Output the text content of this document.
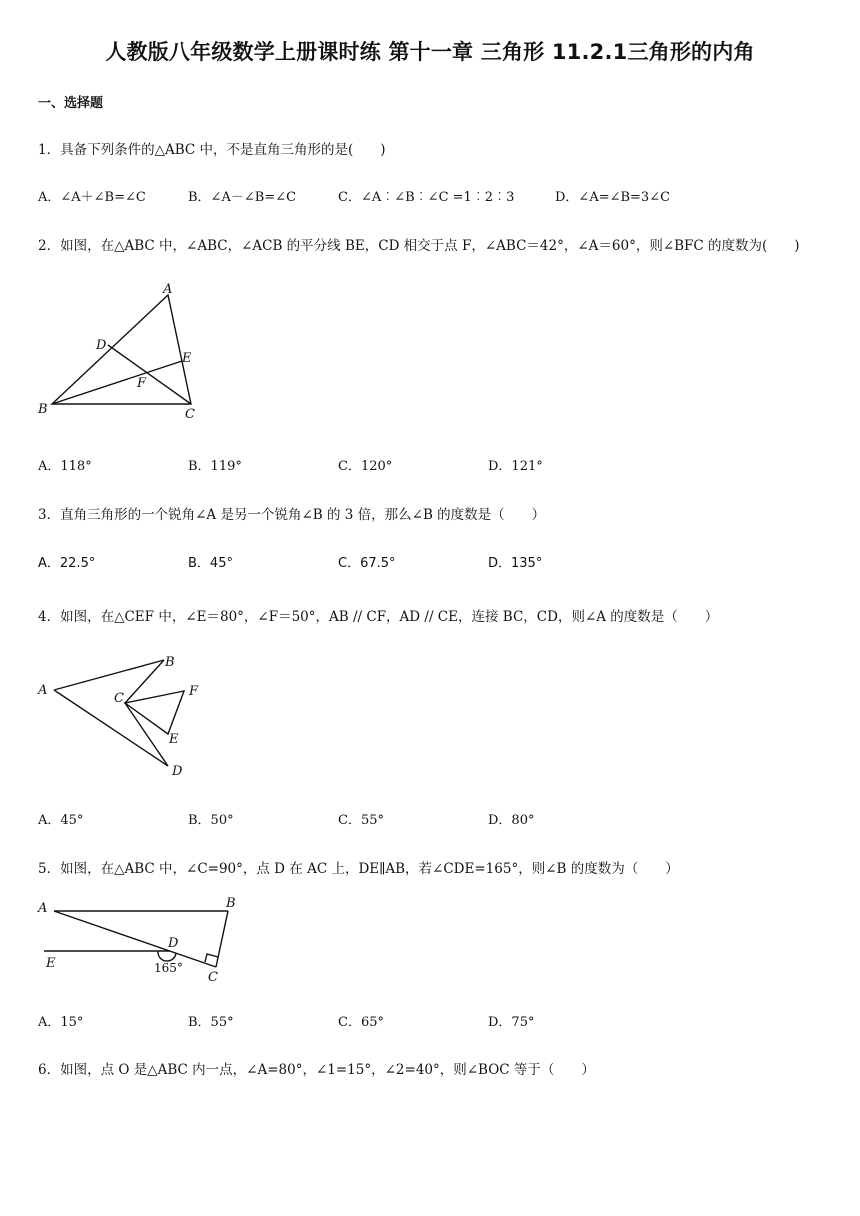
人教版八年级数学上册课时练 第十一章 三角形 11.2.1三角形的内角
一、选择题
1．具备下列条件的△ABC 中，不是直角三角形的是(　　)
A．∠A＋∠B=∠C	B．∠A－∠B=∠C	C．∠A︰∠B︰∠C =1︰2︰3	D．∠A=∠B=3∠C
2．如图，在△ABC 中，∠ABC，∠ACB 的平分线 BE，CD 相交于点 F，∠ABC＝42°，∠A＝60°，则∠BFC 的度数为(　　)
A
D
E
F
B	C
A．118°	B．119°	C．120°	D．121°
3．直角三角形的一个锐角∠A 是另一个锐角∠B 的 3 倍，那么∠B 的度数是（　　）
A．22.5°	B．45°	C．67.5°	D．135°
4．如图，在△CEF 中，∠E＝80°，∠F＝50°，AB // CF，AD // CE，连接 BC，CD，则∠A 的度数是（　　）
A
B
C	F
E
D
A．45°	B．50°	C．55°	D．80°
5．如图，在△ABC 中，∠C=90°，点 D 在 AC 上，DE∥AB，若∠CDE=165°，则∠B 的度数为（　　）
A	B
D
E	165°
C
A．15°	B．55°	C．65°	D．75°
6．如图，点 O 是△ABC 内一点，∠A=80°，∠1=15°，∠2=40°，则∠BOC 等于（　　）
